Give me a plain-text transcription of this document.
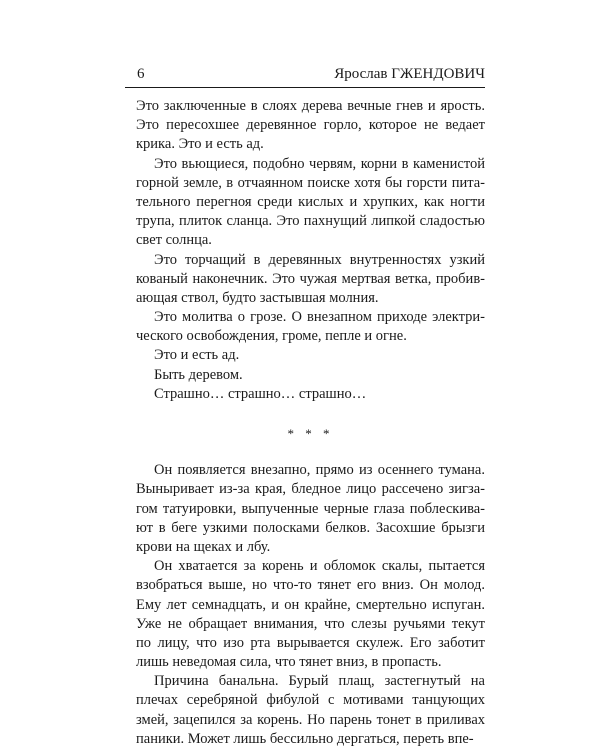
6	Ярослав ГЖЕНДОВИЧ
Это заключенные в слоях дерева вечные гнев и ярость.
Это пересохшее деревянное горло, которое не ведает
крика. Это и есть ад.
Это вьющиеся, подобно червям, корни в каменистой
горной земле, в отчаянном поиске хотя бы горсти пита-
тельного перегноя среди кислых и хрупких, как ногти
трупа, плиток сланца. Это пахнущий липкой сладостью
свет солнца.
Это торчащий в деревянных внутренностях узкий
кованый наконечник. Это чужая мертвая ветка, пробив-
ающая ствол, будто застывшая молния.
Это молитва о грозе. О внезапном приходе электри-
ческого освобождения, громе, пепле и огне.
Это и есть ад.
Быть деревом.
Страшно… страшно… страшно…
* * *
Он появляется внезапно, прямо из осеннего тумана.
Выныривает из-за края, бледное лицо рассечено зигза-
гом татуировки, выпученные черные глаза поблескива-
ют в беге узкими полосками белков. Засохшие брызги
крови на щеках и лбу.
Он хватается за корень и обломок скалы, пытается
взобраться выше, но что-то тянет его вниз. Он молод.
Ему лет семнадцать, и он крайне, смертельно испуган.
Уже не обращает внимания, что слезы ручьями текут
по лицу, что изо рта вырывается скулеж. Его заботит
лишь неведомая сила, что тянет вниз, в пропасть.
Причина банальна. Бурый плащ, застегнутый на
плечах серебряной фибулой с мотивами танцующих
змей, зацепился за корень. Но парень тонет в приливах
паники. Может лишь бессильно дергаться, переть впе-
